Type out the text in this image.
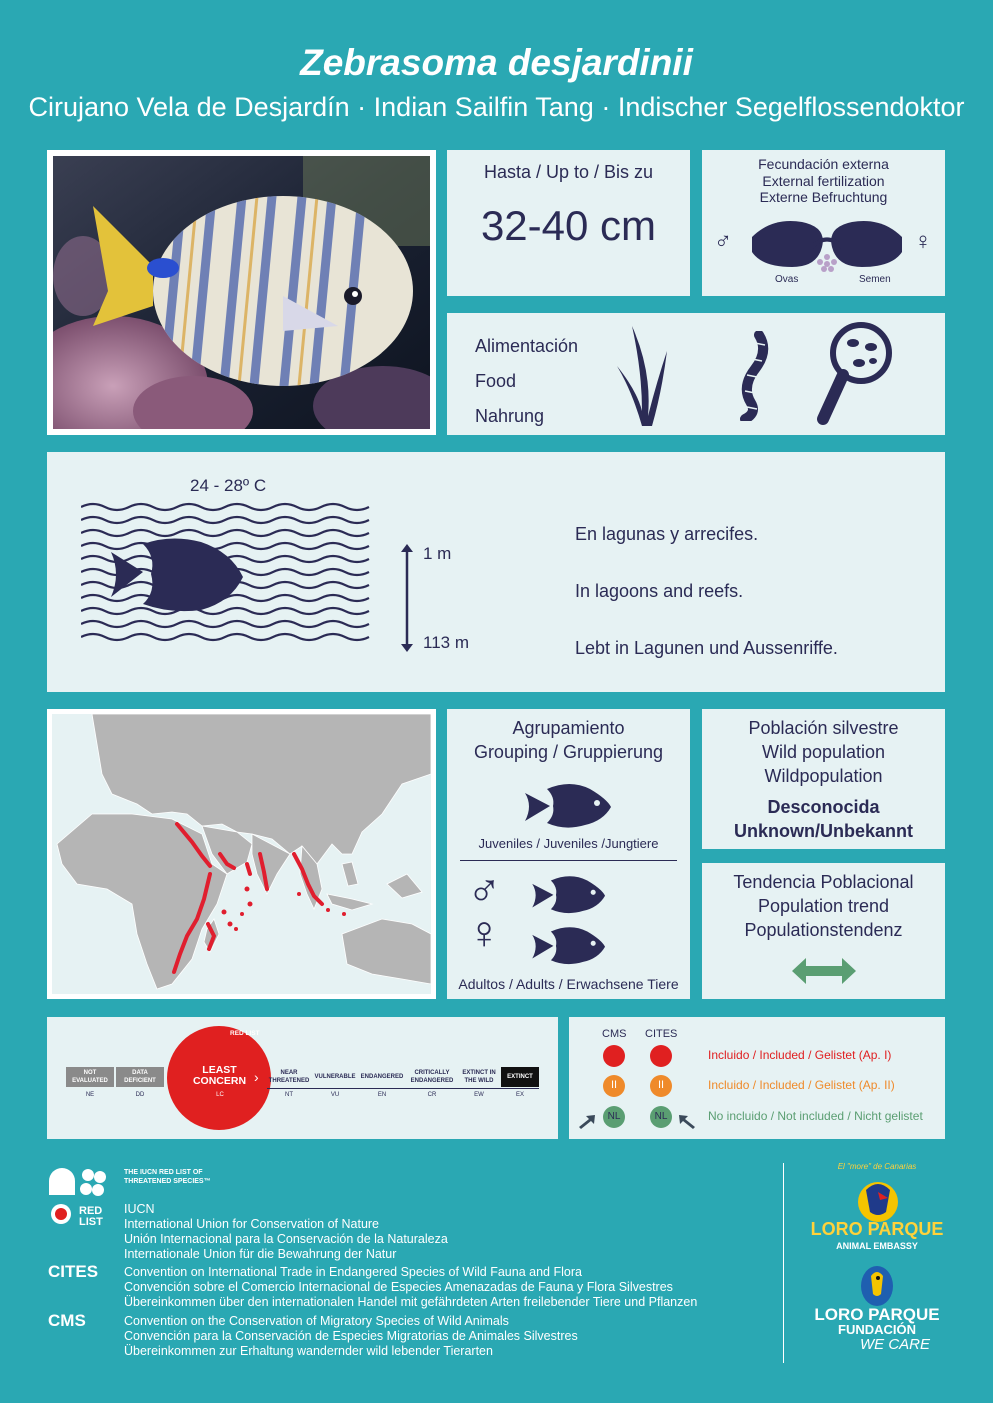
Zebrasoma desjardinii
Cirujano Vela de Desjardín · Indian Sailfin Tang · Indischer Segelflossendoktor
Hasta / Up to / Bis zu
32-40 cm
Fecundación externa
External fertilization
Externe Befruchtung
♂	♀
Ovas	Semen
Alimentación
Food
Nahrung
24 - 28º C
1 m
113 m
En lagunas y arrecifes.
In lagoons and reefs.
Lebt in Lagunen und Aussenriffe.
Agrupamiento
Grouping / Gruppierung
Juveniles / Juveniles /Jungtiere
♂
♀
Adultos / Adults / Erwachsene Tiere
Población silvestre
Wild population
Wildpopulation
Desconocida
Unknown/Unbekannt
Tendencia Poblacional
Population trend
Populationstendenz
RED LIST
NOT EVALUATED
DATA DEFICIENT
LEAST CONCERN ›	NEAR THREATENED
VULNERABLE ENDANGERED
CRITICALLY ENDANGERED
EXTINCT IN THE WILD
EXTINCT
NE	DD	LC	NT	VU	EN	CR	EW	EX
CMS CITES
I	I	Incluido / Included / Gelistet (Ap. I)
II	II	Incluido / Included / Gelistet (Ap. II)
NL	NL	No incluido / Not included / Nicht gelistet
RED LIST
THE IUCN RED LIST OF THREATENED SPECIES™
IUCN
International Union for Conservation of Nature
Unión Internacional para la Conservación de la Naturaleza
Internationale Union für die Bewahrung der Natur
CITES Convention on International Trade in Endangered Species of Wild Fauna and Flora
Convención sobre el Comercio Internacional de Especies Amenazadas de Fauna y Flora Silvestres
Übereinkommen über den internationalen Handel mit gefährdeten Arten freilebender Tiere und Pflanzen
CMS	Convention on the Conservation of Migratory Species of Wild Animals
Convención para la Conservación de Especies Migratorias de Animales Silvestres
Übereinkommen zur Erhaltung wandernder wild lebender Tierarten
El "more" de Canarias
LORO PARQUE
ANIMAL EMBASSY
LORO PARQUE
FUNDACIÓN
WE CARE
